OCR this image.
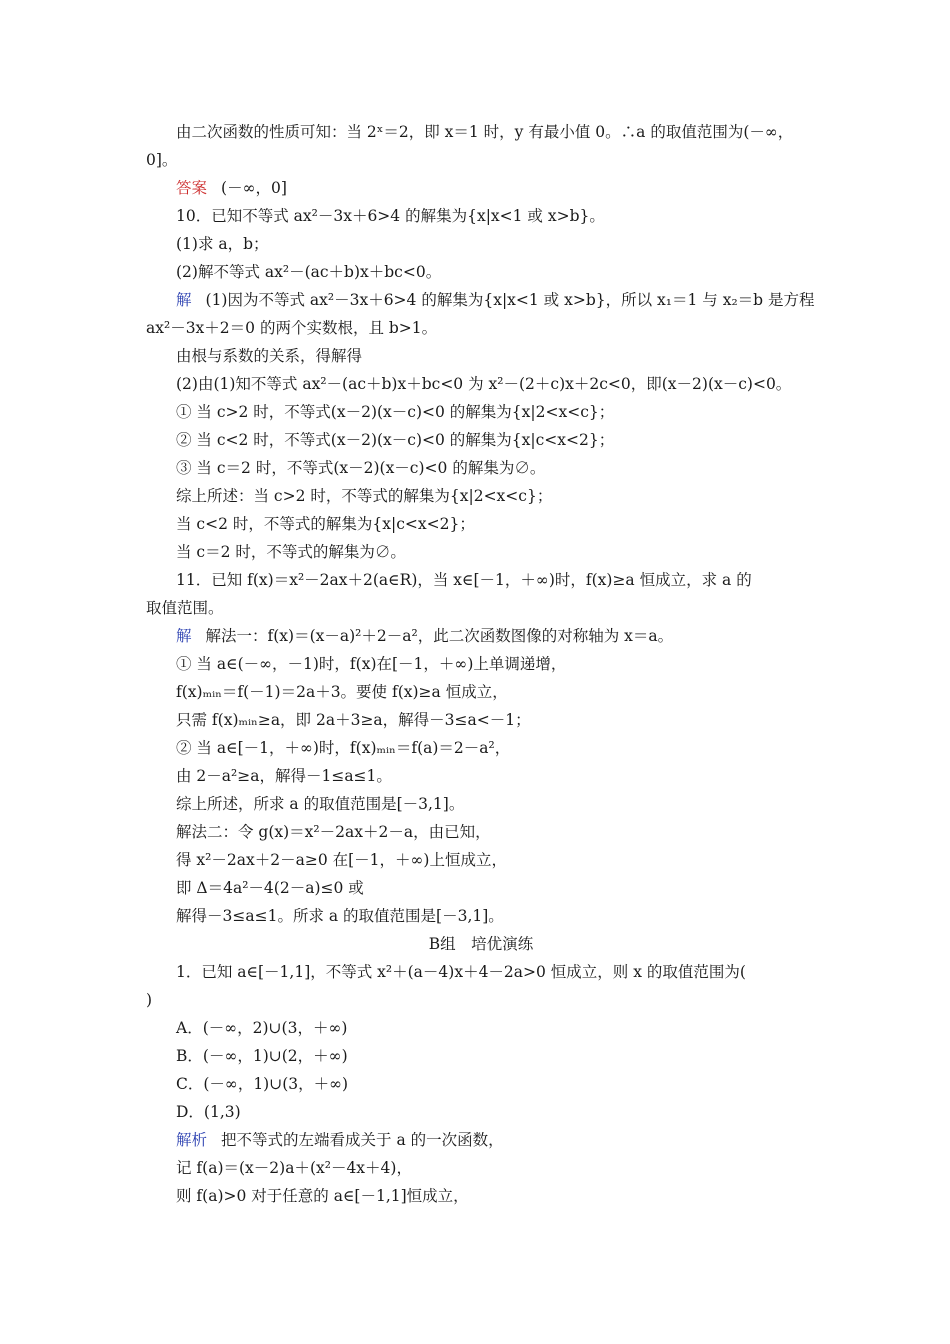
由二次函数的性质可知：当 2ˣ＝2，即 x＝1 时，y 有最小值 0。∴a 的取值范围为(－∞，
0]。
答案 (－∞，0]
10．已知不等式 ax²－3x＋6>4 的解集为{x|x<1 或 x>b}。
(1)求 a，b；
(2)解不等式 ax²－(ac＋b)x＋bc<0。
解 (1)因为不等式 ax²－3x＋6>4 的解集为{x|x<1 或 x>b}，所以 x₁＝1 与 x₂＝b 是方程
ax²－3x＋2＝0 的两个实数根，且 b>1。
由根与系数的关系，得解得
(2)由(1)知不等式 ax²－(ac＋b)x＋bc<0 为 x²－(2＋c)x＋2c<0，即(x－2)(x－c)<0。
① 当 c>2 时，不等式(x－2)(x－c)<0 的解集为{x|2<x<c}；
② 当 c<2 时，不等式(x－2)(x－c)<0 的解集为{x|c<x<2}；
③ 当 c＝2 时，不等式(x－2)(x－c)<0 的解集为∅。
综上所述：当 c>2 时，不等式的解集为{x|2<x<c}；
当 c<2 时，不等式的解集为{x|c<x<2}；
当 c＝2 时，不等式的解集为∅。
11．已知 f(x)＝x²－2ax＋2(a∈R)，当 x∈[－1，＋∞)时，f(x)≥a 恒成立，求 a 的
取值范围。
解 解法一：f(x)＝(x－a)²＋2－a²，此二次函数图像的对称轴为 x＝a。
① 当 a∈(－∞，－1)时，f(x)在[－1，＋∞)上单调递增，
f(x)ₘᵢₙ＝f(－1)＝2a＋3。要使 f(x)≥a 恒成立，
只需 f(x)ₘᵢₙ≥a，即 2a＋3≥a，解得－3≤a<－1；
② 当 a∈[－1，＋∞)时，f(x)ₘᵢₙ＝f(a)＝2－a²，
由 2－a²≥a，解得－1≤a≤1。
综上所述，所求 a 的取值范围是[－3,1]。
解法二：令 g(x)＝x²－2ax＋2－a，由已知，
得 x²－2ax＋2－a≥0 在[－1，＋∞)上恒成立，
即 Δ＝4a²－4(2－a)≤0 或
解得－3≤a≤1。所求 a 的取值范围是[－3,1]。
B组　培优演练
1．已知 a∈[－1,1]，不等式 x²＋(a－4)x＋4－2a>0 恒成立，则 x 的取值范围为(
)
A．(－∞，2)∪(3，＋∞)
B．(－∞，1)∪(2，＋∞)
C．(－∞，1)∪(3，＋∞)
D．(1,3)
解析 把不等式的左端看成关于 a 的一次函数，
记 f(a)＝(x－2)a＋(x²－4x＋4)，
则 f(a)>0 对于任意的 a∈[－1,1]恒成立，
